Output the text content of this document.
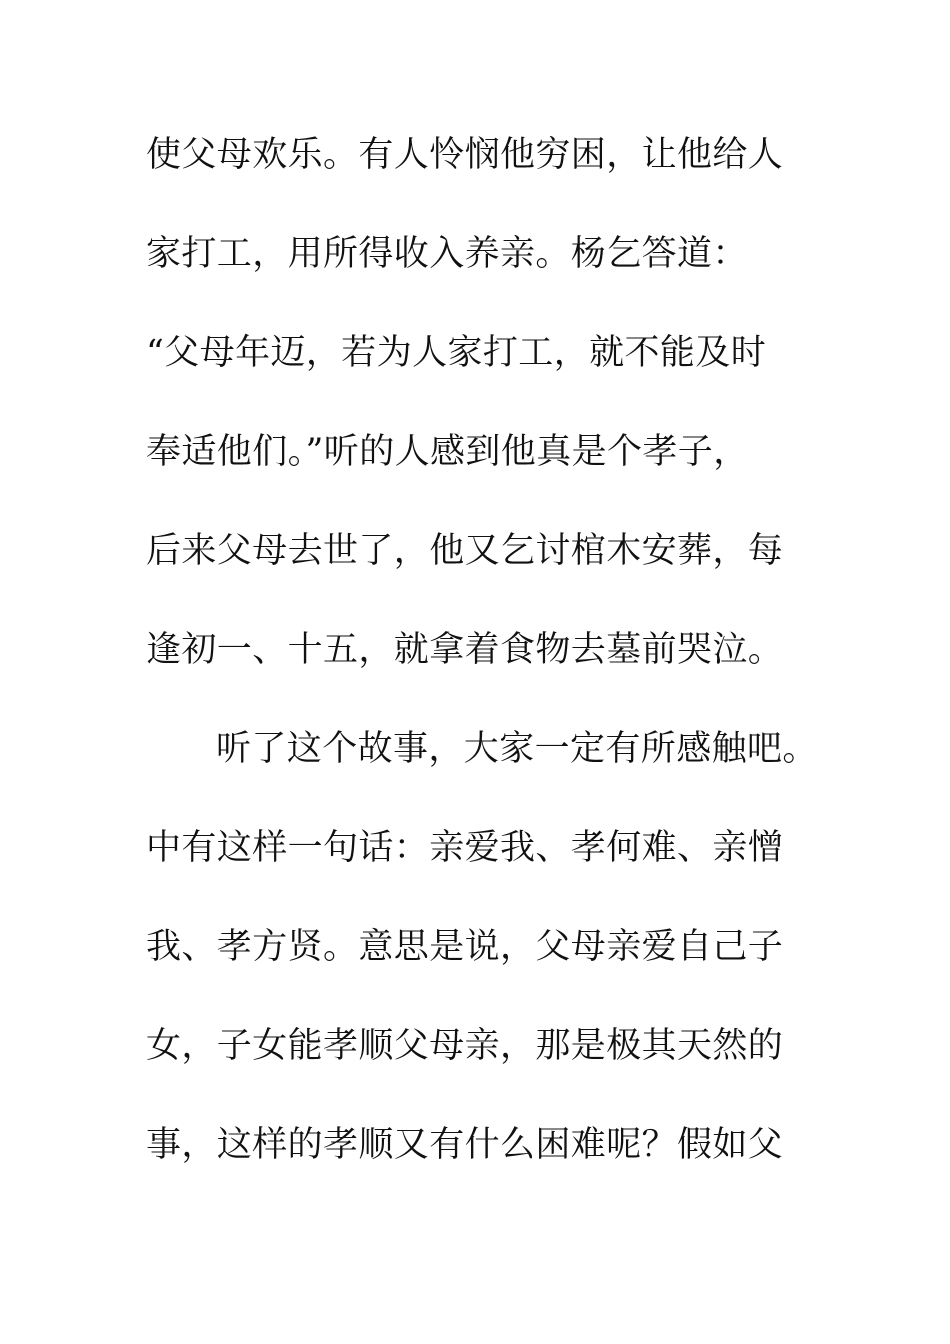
使父母欢乐。有人怜悯他穷困，让他给人
家打工，用所得收入养亲。杨乞答道：
“父母年迈，若为人家打工，就不能及时
奉适他们。”听的人感到他真是个孝子，
后来父母去世了，他又乞讨棺木安葬，每
逢初一、十五，就拿着食物去墓前哭泣。
听了这个故事，大家一定有所感触吧。
中有这样一句话：亲爱我、孝何难、亲憎
我、孝方贤。意思是说，父母亲爱自己子
女，子女能孝顺父母亲，那是极其天然的
事，这样的孝顺又有什么困难呢？假如父
